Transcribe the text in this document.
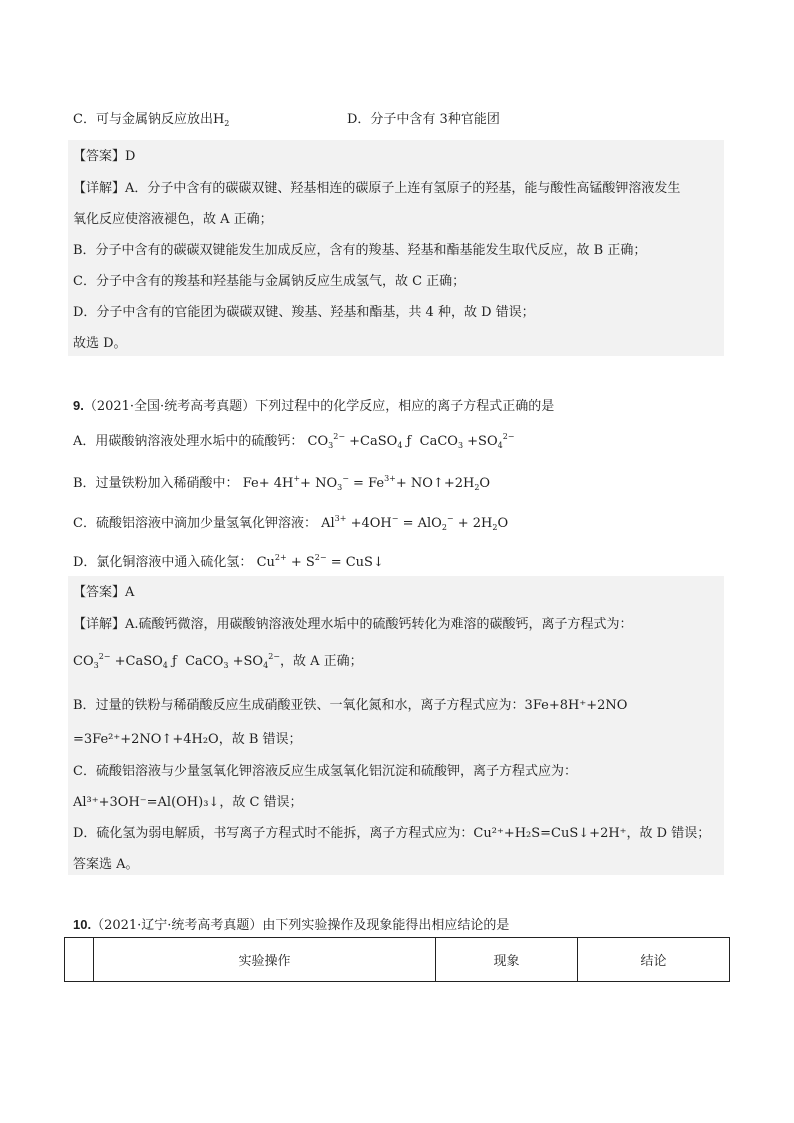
C．可与金属钠反应放出$H_2$	D．分子中含有 3种官能团
【答案】D
【详解】A．分子中含有的碳碳双键、羟基相连的碳原子上连有氢原子的羟基，能与酸性高锰酸钾溶液发生
氧化反应使溶液褪色，故 A 正确；
B．分子中含有的碳碳双键能发生加成反应，含有的羧基、羟基和酯基能发生取代反应，故 B 正确；
C．分子中含有的羧基和羟基能与金属钠反应生成氢气，故 C 正确；
D．分子中含有的官能团为碳碳双键、羧基、羟基和酯基，共 4 种，故 D 错误；
故选 D。
9.（2021·全国·统考高考真题）下列过程中的化学反应，相应的离子方程式正确的是
A．用碳酸钠溶液处理水垢中的硫酸钙： $CO_3^{2-}$ +CaSO$_4$ ƒ  CaCO$_3$ $+SO_4^{2-}$
B．过量铁粉加入稀硝酸中： $Fe+ 4H^++ NO_3^- = Fe^{3+}+$ $NO↑+2H_2O$
C．硫酸铝溶液中滴加少量氢氧化钾溶液： $Al^{3+} +4OH^- = AlO_2^- + 2H_2O$
D．氯化铜溶液中通入硫化氢： $Cu^{2+} + S^{2-}$ = CuS↓
【答案】A
【详解】A.硫酸钙微溶，用碳酸钠溶液处理水垢中的硫酸钙转化为难溶的碳酸钙，离子方程式为：
$CO_3^{2-}$ +CaSO$_4$ ƒ  CaCO$_3$ $+SO_4^{2-}$，故 A 正确；
B．过量的铁粉与稀硝酸反应生成硝酸亚铁、一氧化氮和水，离子方程式应为：3Fe+8H⁺+2NO
=3Fe²⁺+2NO↑+4H₂O，故 B 错误；
C．硫酸铝溶液与少量氢氧化钾溶液反应生成氢氧化铝沉淀和硫酸钾，离子方程式应为：
Al³⁺+3OH⁻=Al(OH)₃↓，故 C 错误；
D．硫化氢为弱电解质，书写离子方程式时不能拆，离子方程式应为：Cu²⁺+H₂S=CuS↓+2H⁺，故 D 错误；
答案选 A。
10.（2021·辽宁·统考高考真题）由下列实验操作及现象能得出相应结论的是
	实验操作	现象	结论
